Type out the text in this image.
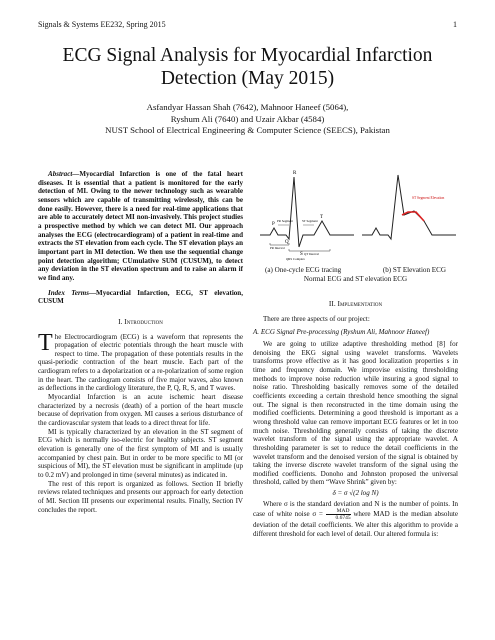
Signals & Systems EE232, Spring 2015	1
ECG Signal Analysis for Myocardial Infarction Detection (May 2015)
Asfandyar Hassan Shah (7642), Mahnoor Haneef (5064),
Ryshum Ali (7640) and Uzair Akbar (4584)
NUST School of Electrical Engineering & Computer Science (SEECS), Pakistan
Abstract—Myocardial Infarction is one of the fatal heart diseases. It is essential that a patient is monitored for the early detection of MI. Owing to the newer technology such as wearable sensors which are capable of transmitting wirelessly, this can be done easily. However, there is a need for real-time applications that are able to accurately detect MI non-invasively. This project studies a prospective method by which we can detect MI. Our approach analyses the ECG (electrocardiogram) of a patient in real-time and extracts the ST elevation from each cycle. The ST elevation plays an important part in MI detection. We then use the sequential change point detection algorithm; CUmulative SUM (CUSUM), to detect any deviation in the ST elevation spectrum and to raise an alarm if we find any.
Index Terms—Myocardial Infarction, ECG, ST elevation, CUSUM
I. Introduction

The Electrocardiogram (ECG) is a waveform that represents the propagation of electric potentials through the heart muscle with respect to time. The propagation of these potentials results in the quasi-periodic contraction of the heart muscle. Each part of the cardiogram refers to a depolarization or a re-polarization of some region in the heart. The cardiogram consists of five major waves, also known as deflections in the cardiology literature, the P, Q, R, S, and T waves.

Myocardial Infarction is an acute ischemic heart disease characterized by a necrosis (death) of a portion of the heart muscle because of deprivation from oxygen. MI causes a serious disturbance of the cardiovascular system that leads to a direct threat for life.

MI is typically characterized by an elevation in the ST segment of ECG which is normally iso-electric for healthy subjects. ST segment elevation is generally one of the first symptom of MI and is usually accompanied by chest pain. But in order to be more specific to MI (or suspicious of MI), the ST elevation must be significant in amplitude (up to 0.2 mV) and prolonged in time (several minutes) as indicated in.

The rest of this report is organized as follows. Section II briefly reviews related techniques and presents our approach for early detection of MI. Section III presents our experimental results. Finally, Section IV concludes the report.

R
P
T
Q
S
PR Segment	ST Segment
PR Interval
QT Interval
QRS Complex
ST Segment Elevation
(a) One-cycle ECG tracing	(b) ST Elevation ECG
Normal ECG and ST elevation ECG
II. Implementation

There are three aspects of our project:

A. ECG Signal Pre-processing (Ryshum Ali, Mahnoor Haneef)

We are going to utilize adaptive thresholding method [8] for denoising the EKG signal using wavelet transforms. Wavelets transforms prove effective as it has good localization properties s in time and frequency domain. We improvise existing thresholding methods to improve noise reduction while insuring a good signal to noise ratio. Thresholding basically removes some of the detailed coefficients exceeding a certain threshold hence smoothing the signal out. The signal is then reconstructed in the time domain using the modified coefficients. Determining a good threshold is important as a wrong threshold value can remove important ECG features or let in too much noise. Thresholding generally consists of taking the discrete wavelet transform of the signal using the appropriate wavelet. A thresholding parameter is set to reduce the detail coefficients in the wavelet transform and the denoised version of the signal is obtained by taking the inverse discrete wavelet transform of the signal using the modified coefficients. Donoho and Johnston proposed the universal threshold, called by them “Wave Shrink” given by:

δ = σ √(2 log N)

Where σ is the standard deviation and N is the number of points. In case of white noise $\sigma = \frac{\text{MAD}}{0.6745}$ where MAD is the median absolute deviation of the detail coefficients. We alter this algorithm to provide a different threshold for each level of detail. Our altered formula is:
